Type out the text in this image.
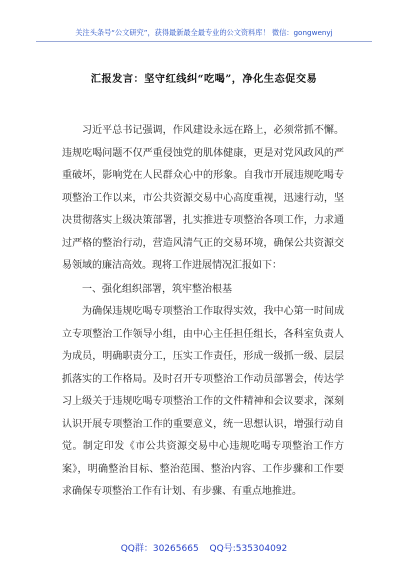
关注头条号“公文研究”，获得最新最全最专业的公文资料库！ 微信：gongwenyj
汇报发言：坚守红线纠“吃喝”，净化生态促交易

习近平总书记强调，作风建设永远在路上，必须常抓不懈。违规吃喝问题不仅严重侵蚀党的肌体健康，更是对党风政风的严重破坏，影响党在人民群众心中的形象。自我市开展违规吃喝专项整治工作以来，市公共资源交易中心高度重视，迅速行动，坚决贯彻落实上级决策部署，扎实推进专项整治各项工作，力求通过严格的整治行动，营造风清气正的交易环境，确保公共资源交易领域的廉洁高效。现将工作进展情况汇报如下：

一、强化组织部署，筑牢整治根基

为确保违规吃喝专项整治工作取得实效，我中心第一时间成立专项整治工作领导小组，由中心主任担任组长，各科室负责人为成员，明确职责分工，压实工作责任，形成一级抓一级、层层抓落实的工作格局。及时召开专项整治工作动员部署会，传达学习上级关于违规吃喝专项整治工作的文件精神和会议要求，深刻认识开展专项整治工作的重要意义，统一思想认识，增强行动自觉。制定印发《市公共资源交易中心违规吃喝专项整治工作方案》，明确整治目标、整治范围、整治内容、工作步骤和工作要求确保专项整治工作有计划、有步骤、有重点地推进。

QQ群：30265665 QQ号:535304092
